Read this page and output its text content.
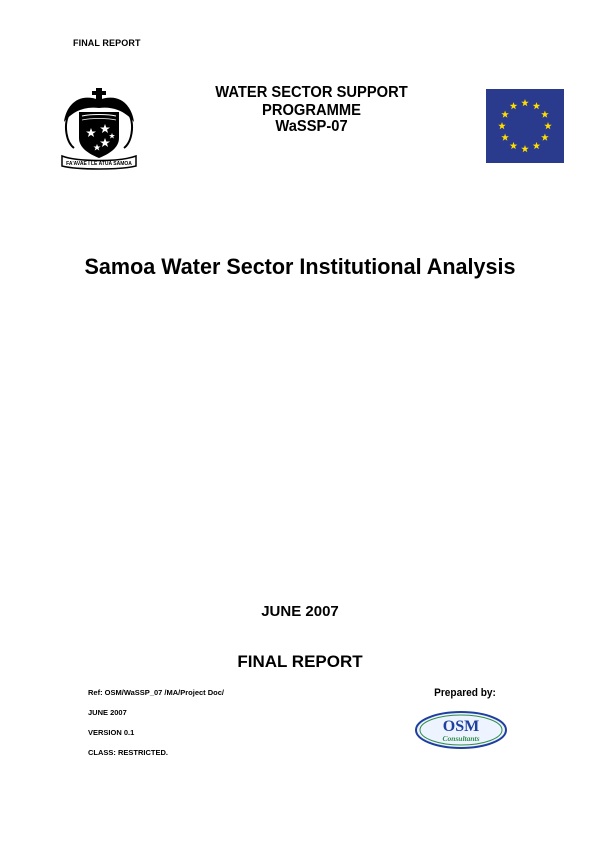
FINAL REPORT
WATER SECTOR SUPPORT PROGRAMME
WaSSP-07
FA'AVAE I LE ATUA SAMOA
Samoa Water Sector Institutional Analysis
JUNE 2007
FINAL REPORT
Ref: OSM/WaSSP_07 /MA/Project Doc/
JUNE 2007
VERSION 0.1
CLASS: RESTRICTED.
Prepared by:
OSM
Consultants
